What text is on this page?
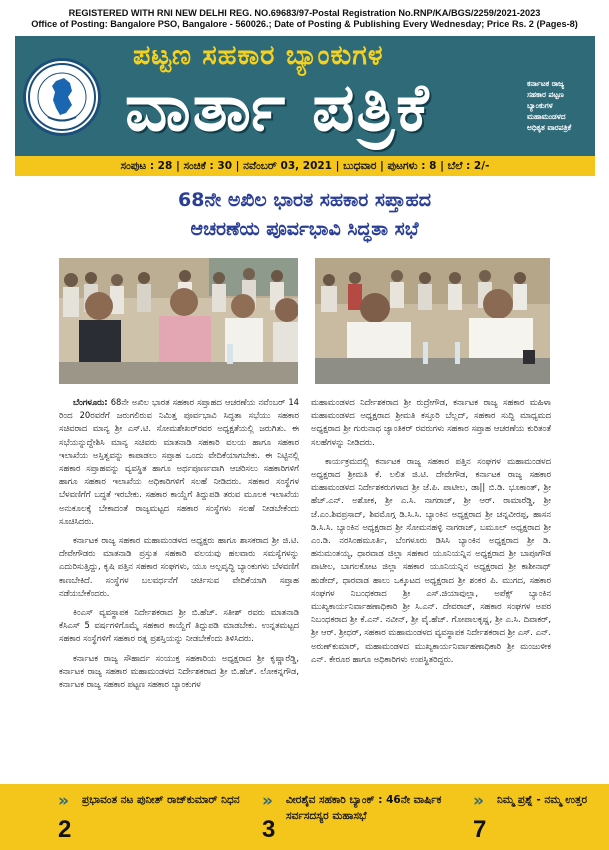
REGISTERED WITH RNI NEW DELHI REG. NO.69683/97-Postal Registration No.RNP/KA/BGS/2259/2021-2023
Office of Posting: Bangalore PSO, Bangalore - 560026.; Date of Posting & Publishing Every Wednesday; Price Rs. 2 (Pages-8)
ಪಟ್ಟಣ ಸಹಕಾರ ಬ್ಯಾಂಕುಗಳ
ವಾರ್ತಾ ಪತ್ರಿಕೆ	ಕರ್ನಾಟಕ ರಾಜ್ಯ
ಸಹಕಾರ ಪಟ್ಟಣ
ಬ್ಯಾಂಕುಗಳ
ಮಹಾಮಂಡಳದ
ಅಧಿಕೃತ ವಾರಪತ್ರಿಕೆ
ಸಂಪುಟ : 28 | ಸಂಚಿಕೆ : 30 | ನವೆಂಬರ್ 03, 2021 | ಬುಧವಾರ | ಪುಟಗಳು : 8 | ಬೆಲೆ : 2/-
68ನೇ ಅಖಿಲ ಭಾರತ ಸಹಕಾರ ಸಪ್ತಾಹದ
ಆಚರಣೆಯ ಪೂರ್ವಭಾವಿ ಸಿದ್ಧತಾ ಸಭೆ

ಬೆಂಗಳೂರು: 68ನೇ ಅಖಿಲ ಭಾರತ ಸಹಕಾರ ಸಪ್ತಾಹದ ಆಚರಣೆಯ ನವೆಂಬರ್ 14 ರಿಂದ 20ರವರೆಗೆ ಜರುಗಲಿರುವ ನಿಮಿತ್ತ ಪೂರ್ವಭಾವಿ ಸಿದ್ಧತಾ ಸಭೆಯು ಸಹಕಾರ ಸಚಿವರಾದ ಮಾನ್ಯ ಶ್ರೀ ಎಸ್.ಟಿ. ಸೋಮಶೇಖರ್‌ರವರ ಅಧ್ಯಕ್ಷತೆಯಲ್ಲಿ ಜರುಗಿತು. ಈ ಸಭೆಯನ್ನುದ್ದೇಶಿಸಿ ಮಾನ್ಯ ಸಚಿವರು ಮಾತನಾಡಿ ಸಹಕಾರಿ ವಲಯ ಹಾಗೂ ಸಹಕಾರ ಇಲಾಖೆಯ ಅಸ್ತಿತ್ವವನ್ನು ಕಾಪಾಡಲು ಸಪ್ತಾಹ ಒಂದು ವೇದಿಕೆಯಾಗಬೇಕು. ಈ ನಿಟ್ಟಿನಲ್ಲಿ ಸಹಕಾರ ಸಪ್ತಾಹವನ್ನು ವ್ಯವಸ್ಥಿತ ಹಾಗೂ ಅರ್ಥಪೂರ್ಣವಾಗಿ ಆಚರಿಸಲು ಸಹಕಾರಿಗಳಿಗೆ ಹಾಗೂ ಸಹಕಾರ ಇಲಾಖೆಯ ಅಧಿಕಾರಿಗಳಿಗೆ ಸಲಹೆ ನೀಡಿದರು. ಸಹಕಾರ ಸಂಸ್ಥೆಗಳ ಬೆಳವಣಿಗೆಗೆ ಬದ್ಧತೆ ಇರಬೇಕು. ಸಹಕಾರ ಕಾಯ್ದೆಗೆ ತಿದ್ದುಪಡಿ ತರುವ ಮೂಲಕ ಇಲಾಖೆಯ ಅನುಕೂಲಕ್ಕೆ ಬೇಕಾದಂತೆ ರಾಜ್ಯಮಟ್ಟದ ಸಹಕಾರ ಸಂಸ್ಥೆಗಳು ಸಲಹೆ ನೀಡಬೇಕೆಂದು ಸೂಚಿಸಿದರು.

ಕರ್ನಾಟಕ ರಾಜ್ಯ ಸಹಕಾರ ಮಹಾಮಂಡಳದ ಅಧ್ಯಕ್ಷರು ಹಾಗೂ ಶಾಸಕರಾದ ಶ್ರೀ ಜಿ.ಟಿ. ದೇವೇಗೌಡರು ಮಾತನಾಡಿ ಪ್ರಸ್ತುತ ಸಹಕಾರಿ ವಲಯವು ಹಲವಾರು ಸಮಸ್ಯೆಗಳನ್ನು ಎದುರಿಸುತ್ತಿದ್ದು, ಕೃಷಿ ಪತ್ತಿನ ಸಹಕಾರ ಸಂಘಗಳು, ಯೂ ಅಲ್ಪವೃದ್ಧಿ ಬ್ಯಾಂಕುಗಳು ಬೆಳವಣಿಗೆ ಕಾಣಬೇಕಿದೆ. ಸಂಸ್ಥೆಗಳ ಬಲವರ್ಧನೆಗೆ ಚರ್ಚಿಸುವ ವೇದಿಕೆಯಾಗಿ ಸಪ್ತಾಹ ನಡೆಯಬೇಕೆಂದರು.

ಕಿಂಎಸ್ ವ್ಯವಸ್ಥಾಪಕ ನಿರ್ದೇಶಕರಾದ ಶ್ರೀ ಬಿ.ಹೆಚ್. ಸತೀಶ್ ರವರು ಮಾತನಾಡಿ ಕೆಸಿಎಸ್ 5 ವರ್ಷಗಳಿಗೊಮ್ಮೆ ಸಹಕಾರ ಕಾಯ್ದೆಗೆ ತಿದ್ದುಪಡಿ ಮಾಡಬೇಕು. ಉನ್ನತಮಟ್ಟದ ಸಹಕಾರ ಸಂಸ್ಥೆಗಳಿಗೆ ಸಹಕಾರ ರತ್ನ ಪ್ರಶಸ್ತಿಯನ್ನು ನೀಡಬೇಕೆಂದು ತಿಳಿಸಿದರು.

ಕರ್ನಾಟಕ ರಾಜ್ಯ ಸೌಹಾರ್ದ ಸಂಯುಕ್ತ ಸಹಕಾರಿಯ ಅಧ್ಯಕ್ಷರಾದ ಶ್ರೀ ಕೃಷ್ಣಾರೆಡ್ಡಿ, ಕರ್ನಾಟಕ ರಾಜ್ಯ ಸಹಕಾರ ಮಹಾಮಂಡಳದ ನಿರ್ದೇಶಕರಾದ ಶ್ರೀ ಬಿ.ಹೆಚ್. ಲೋಕನ್ನಗೌಡ, ಕರ್ನಾಟಕ ರಾಜ್ಯ ಸಹಕಾರ ಪಟ್ಟಣ ಸಹಕಾರ ಬ್ಯಾಂಕುಗಳ

ಮಹಾಮಂಡಳದ ನಿರ್ದೇಶಕರಾದ ಶ್ರೀ ರುದ್ರೇಗೌಡ, ಕರ್ನಾಟಕ ರಾಜ್ಯ ಸಹಕಾರ ಮಹಿಳಾ ಮಹಾಮಂಡಳದ ಅಧ್ಯಕ್ಷರಾದ ಶ್ರೀಮತಿ ಕಸ್ತೂರಿ ಬೆಲ್ಲದ್, ಸಹಕಾರ ಸುದ್ದಿ ಮಾಧ್ಯಮದ ಅಧ್ಯಕ್ಷರಾದ ಶ್ರೀ ಗುರುನಾಥ ಜ್ಯಾಂತಿಕರ್ ರವರುಗಳು ಸಹಕಾರ ಸಪ್ತಾಹ ಆಚರಣೆಯ ಕುರಿತಂತೆ ಸಲಹೆಗಳನ್ನು ನೀಡಿದರು.

ಕಾರ್ಯಕ್ರಮದಲ್ಲಿ ಕರ್ನಾಟಕ ರಾಜ್ಯ ಸಹಕಾರ ಪತ್ತಿನ ಸಂಘಗಳ ಮಹಾಮಂಡಳದ ಅಧ್ಯಕ್ಷರಾದ ಶ್ರೀಮತಿ ಕೆ. ಲಲಿತ ಜಿ.ಟಿ. ದೇವೇಗೌಡ, ಕರ್ನಾಟಕ ರಾಜ್ಯ ಸಹಕಾರ ಮಹಾಮಂಡಳದ ನಿರ್ದೇಶಕರುಗಳಾದ ಶ್ರೀ ಜೆ.ಪಿ. ಪಾಟೀಲ, ಡಾ|| ಬಿ.ಡಿ. ಭೂಕಾಂತ್, ಶ್ರೀ ಹೆಚ್.ಎನ್. ಅಶೋಕ, ಶ್ರೀ ಎ.ಸಿ. ನಾಗರಾಜ್, ಶ್ರೀ ಆರ್. ರಾಮಾರೆಡ್ಡಿ, ಶ್ರೀ ಜೆ.ಎಂ.ಶಿವಪ್ರಸಾದ್, ಶಿವಮೊಗ್ಗ ಡಿ.ಸಿ.ಸಿ. ಬ್ಯಾಂಕಿನ ಅಧ್ಯಕ್ಷರಾದ ಶ್ರೀ ಚನ್ನವೀರಪ್ಪ, ಹಾಸನ ಡಿ.ಸಿ.ಸಿ. ಬ್ಯಾಂಕಿನ ಅಧ್ಯಕ್ಷರಾದ ಶ್ರೀ ಸೋಮನಹಳ್ಳಿ ನಾಗರಾಜ್, ಬಮೂಲ್ ಅಧ್ಯಕ್ಷರಾದ ಶ್ರೀ ಎಂ.ಡಿ. ನರಸಿಂಹಮೂರ್ತಿ, ಬೆಂಗಳೂರು ಡಿಸಿಸಿ ಬ್ಯಾಂಕಿನ ಅಧ್ಯಕ್ಷರಾದ ಶ್ರೀ ಡಿ. ಹನುಮಂತಯ್ಯ, ಧಾರವಾಡ ಜಿಲ್ಲಾ ಸಹಕಾರ ಯೂನಿಯನ್ನಿನ ಅಧ್ಯಕ್ಷರಾದ ಶ್ರೀ ಬಾಪೂಗೌಡ ಪಾಟೀಲ, ಬಾಗಲಕೋಟ ಜಿಲ್ಲಾ ಸಹಕಾರ ಯೂನಿಯನ್ನಿನ ಅಧ್ಯಕ್ಷರಾದ ಶ್ರೀ ಕಾಶೀನಾಥ್ ಹುಡೇದ್, ಧಾರವಾಡ ಹಾಲು ಒಕ್ಕೂಟದ ಅಧ್ಯಕ್ಷರಾದ ಶ್ರೀ ಶಂಕರ ಪಿ. ಮುಗದ, ಸಹಕಾರ ಸಂಘಗಳ ನಿಬಂಧಕರಾದ ಶ್ರೀ ಎಸ್.ಜಿಯಾವುಲ್ಲಾ, ಅಪೆಕ್ಸ್ ಬ್ಯಾಂಕಿನ ಮುಖ್ಯಕಾರ್ಯನಿರ್ವಾಹಣಾಧಿಕಾರಿ ಶ್ರೀ ಸಿ.ಎನ್. ದೇವರಾಜ್, ಸಹಕಾರ ಸಂಘಗಳ ಅಪರ ನಿಬಂಧಕರಾದ ಶ್ರೀ ಕೆ.ಎನ್. ನವೀನ್, ಶ್ರೀ ವೈ.ಹೆಚ್. ಗೋಪಾಲಕೃಷ್ಣ, ಶ್ರೀ ಎ.ಸಿ. ದಿವಾಕರ್, ಶ್ರೀ ಆರ್. ಶ್ರೀಧರ್, ಸಹಕಾರ ಮಹಾಮಂಡಳದ ವ್ಯವಸ್ಥಾಪಕ ನಿರ್ದೇಶಕರಾದ ಶ್ರೀ ಎಸ್. ಎನ್. ಅರುಣ್‌ಕುಮಾರ್, ಮಹಾಮಂಡಳದ ಮುಖ್ಯಕಾರ್ಯನಿರ್ವಾಹಣಾಧಿಕಾರಿ ಶ್ರೀ ಮಂಜುಳೀಕ ಎನ್. ಕೇರೂರ ಹಾಗೂ ಅಧಿಕಾರಿಗಳು ಉಪಸ್ಥಿತರಿದ್ದರು.

»
2
ಪ್ರಭಾವಂತ ನಟ ಪುನೀತ್ ರಾಜ್‌ಕುಮಾರ್ ನಿಧನ	»
3
ವೀರಶೈವ ಸಹಕಾರಿ ಬ್ಯಾಂಕ್ : 46ನೇ ವಾರ್ಷಿಕ ಸರ್ವಸದಸ್ಯರ ಮಹಾಸಭೆ
»
7
ನಿಮ್ಮ ಪ್ರಶ್ನೆ - ನಮ್ಮ ಉತ್ತರ
